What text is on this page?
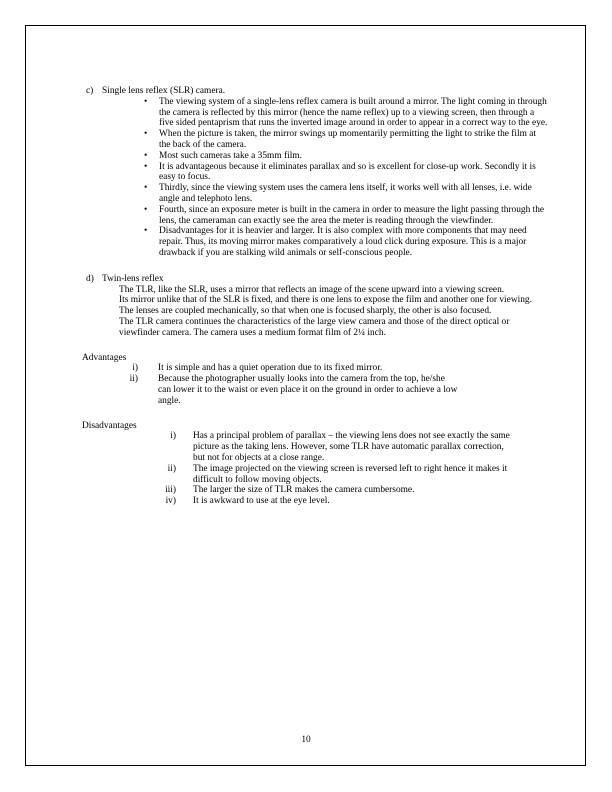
c) Single lens reflex (SLR) camera.
• The viewing system of a single-lens reflex camera is built around a mirror. The light coming in through the camera is reflected by this mirror (hence the name reflex) up to a viewing screen, then through a five sided pentaprism that runs the inverted image around in order to appear in a correct way to the eye.
• When the picture is taken, the mirror swings up momentarily permitting the light to strike the film at the back of the camera.
• Most such cameras take a 35mm film.
• It is advantageous because it eliminates parallax and so is excellent for close-up work. Secondly it is easy to focus.
• Thirdly, since the viewing system uses the camera lens itself, it works well with all lenses, i.e. wide angle and telephoto lens.
• Fourth, since an exposure meter is built in the camera in order to measure the light passing through the lens, the cameraman can exactly see the area the meter is reading through the viewfinder.
• Disadvantages for it is heavier and larger. It is also complex with more components that may need repair. Thus, its moving mirror makes comparatively a loud click during exposure. This is a major drawback if you are stalking wild animals or self-conscious people.
d) Twin-lens reflex

The TLR, like the SLR, uses a mirror that reflects an image of the scene upward into a viewing screen.

Its mirror unlike that of the SLR is fixed, and there is one lens to expose the film and another one for viewing.

The lenses are coupled mechanically, so that when one is focused sharply, the other is also focused.

The TLR camera continues the characteristics of the large view camera and those of the direct optical or viewfinder camera. The camera uses a medium format film of 2¼ inch.

Advantages

i)	It is simple and has a quiet operation due to its fixed mirror.
ii)	Because the photographer usually looks into the camera from the top, he/she can lower it to the waist or even place it on the ground in order to achieve a low angle.

Disadvantages

i)	Has a principal problem of parallax – the viewing lens does not see exactly the same picture as the taking lens. However, some TLR have automatic parallax correction, but not for objects at a close range.
ii)	The image projected on the viewing screen is reversed left to right hence it makes it difficult to follow moving objects.
iii)	The larger the size of TLR makes the camera cumbersome.
iv)	It is awkward to use at the eye level.
10
